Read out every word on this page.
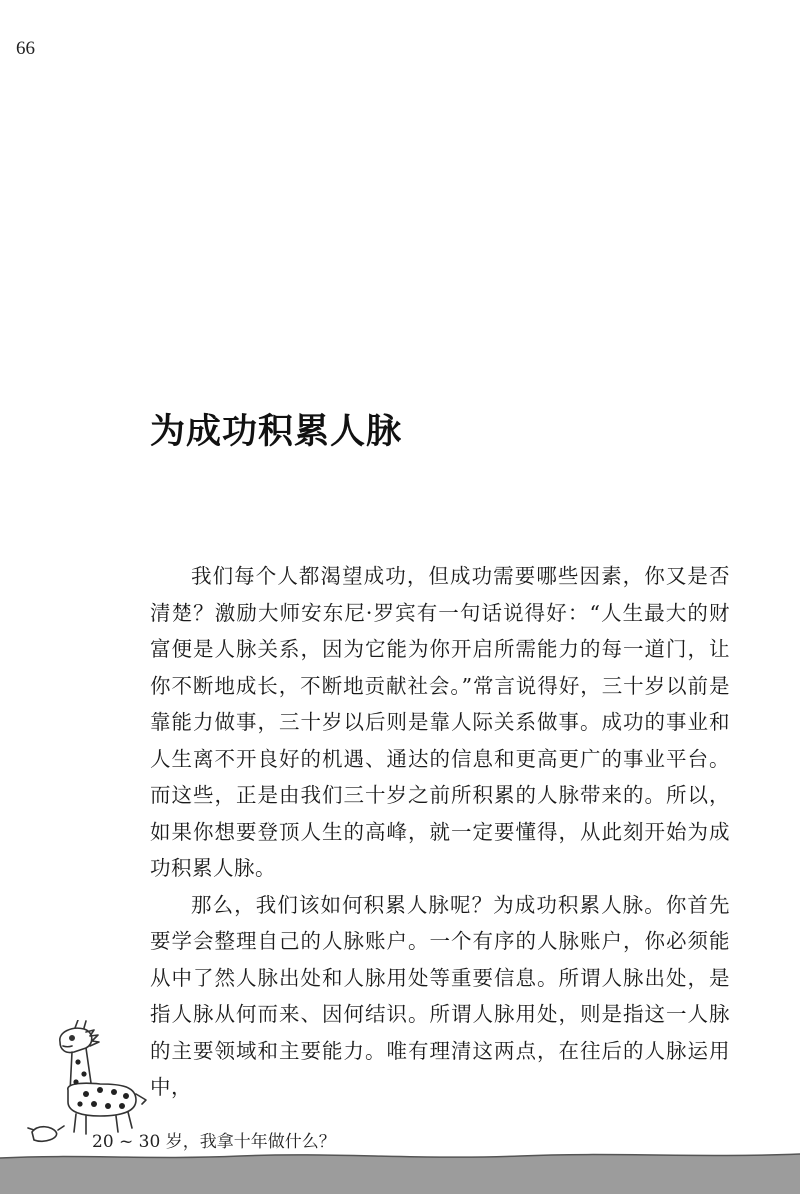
66
为成功积累人脉

我们每个人都渴望成功，但成功需要哪些因素，你又是否清楚？激励大师安东尼·罗宾有一句话说得好：“人生最大的财富便是人脉关系，因为它能为你开启所需能力的每一道门，让你不断地成长，不断地贡献社会。”常言说得好，三十岁以前是靠能力做事，三十岁以后则是靠人际关系做事。成功的事业和人生离不开良好的机遇、通达的信息和更高更广的事业平台。而这些，正是由我们三十岁之前所积累的人脉带来的。所以，如果你想要登顶人生的高峰，就一定要懂得，从此刻开始为成功积累人脉。

那么，我们该如何积累人脉呢？为成功积累人脉。你首先要学会整理自己的人脉账户。一个有序的人脉账户，你必须能从中了然人脉出处和人脉用处等重要信息。所谓人脉出处，是指人脉从何而来、因何结识。所谓人脉用处，则是指这一人脉的主要领域和主要能力。唯有理清这两点，在往后的人脉运用中，

20 ~ 30 岁，我拿十年做什么？
